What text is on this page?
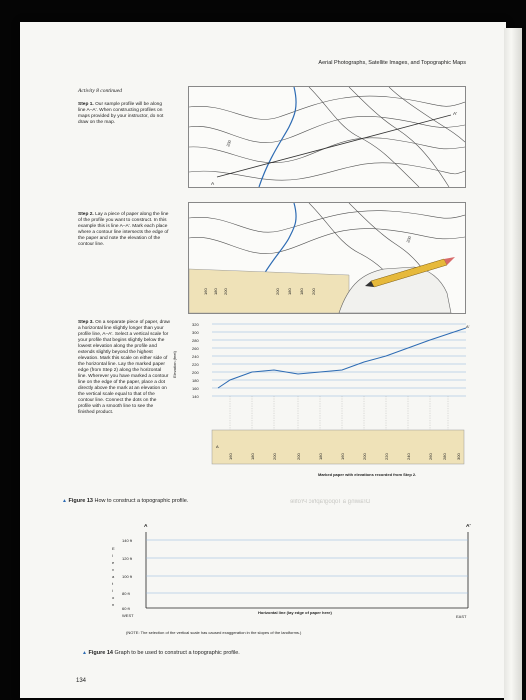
Aerial Photographs, Satellite Images, and Topographic Maps
Activity 8 continued
Step 1. Our sample profile will be along line A–A′. When constructing profiles on maps provided by your instructor, do not draw on the map.
A
A′
200
Step 2. Lay a piece of paper along the line of the profile you want to construct. In this example this is line A–A′. Mark each place where a contour line intersects the edge of the paper and note the elevation of the contour line.
160 180 200	200 180 180 200
200
Step 3. On a separate piece of paper, draw a horizontal line slightly longer than your profile line, A–A′. Select a vertical scale for your profile that begins slightly below the lowest elevation along the profile and extends slightly beyond the highest elevation. Mark this scale on either side of the horizontal line. Lay the marked paper edge (from Step 2) along the horizontal line. Wherever you have marked a contour line on the edge of the paper, place a dot directly above the mark at an elevation on the vertical scale equal to that of the contour line. Connect the dots on the profile with a smooth line to see the finished product.
Elevation (feet)
320
300
280
260
240
220
200
180
160
140
A′
A
160	180	200	200	180	160	200	220	240	260 280 300
Marked paper with elevations recorded from Step 2.
▲ Figure 13 How to construct a topographic profile.
A	A′
140 ft
120 ft
100 ft
80 ft
60 ft
E
l
e
v
a
t
i
o
n
WEST	EAST
Horizontal line (lay edge of paper here)
(NOTE: The selection of the vertical scale has caused exaggeration in the slopes of the landforms.)
▲ Figure 14 Graph to be used to construct a topographic profile.
Drawing a Topographic Profile
134
